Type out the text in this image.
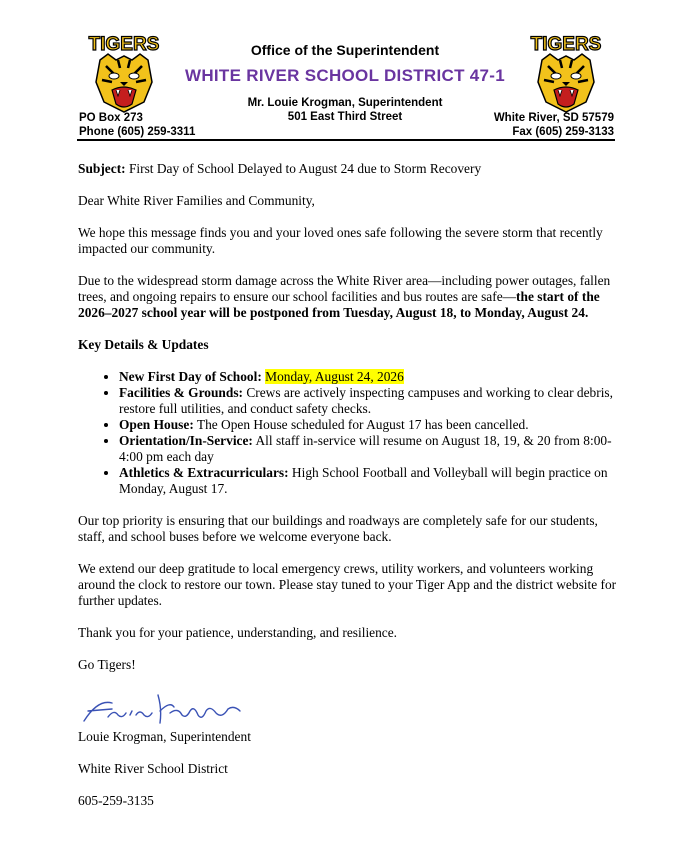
TIGERS	TIGERS
Office of the Superintendent
WHITE RIVER SCHOOL DISTRICT 47-1
Mr. Louie Krogman, Superintendent
501 East Third Street
PO Box 273
Phone (605) 259-3311
White River, SD 57579
Fax (605) 259-3133

Subject: First Day of School Delayed to August 24 due to Storm Recovery

Dear White River Families and Community,

We hope this message finds you and your loved ones safe following the severe storm that recently impacted our community.

Due to the widespread storm damage across the White River area—including power outages, fallen trees, and ongoing repairs to ensure our school facilities and bus routes are safe—the start of the 2026–2027 school year will be postponed from Tuesday, August 18, to Monday, August 24.

Key Details & Updates

• New First Day of School: Monday, August 24, 2026
• Facilities & Grounds: Crews are actively inspecting campuses and working to clear debris, restore full utilities, and conduct safety checks.
• Open House: The Open House scheduled for August 17 has been cancelled.
• Orientation/In-Service: All staff in-service will resume on August 18, 19, & 20 from 8:00-4:00 pm each day
• Athletics & Extracurriculars: High School Football and Volleyball will begin practice on Monday, August 17.

Our top priority is ensuring that our buildings and roadways are completely safe for our students, staff, and school buses before we welcome everyone back.

We extend our deep gratitude to local emergency crews, utility workers, and volunteers working around the clock to restore our town. Please stay tuned to your Tiger App and the district website for further updates.

Thank you for your patience, understanding, and resilience.

Go Tigers!

Louie Krogman, Superintendent

White River School District

605-259-3135
